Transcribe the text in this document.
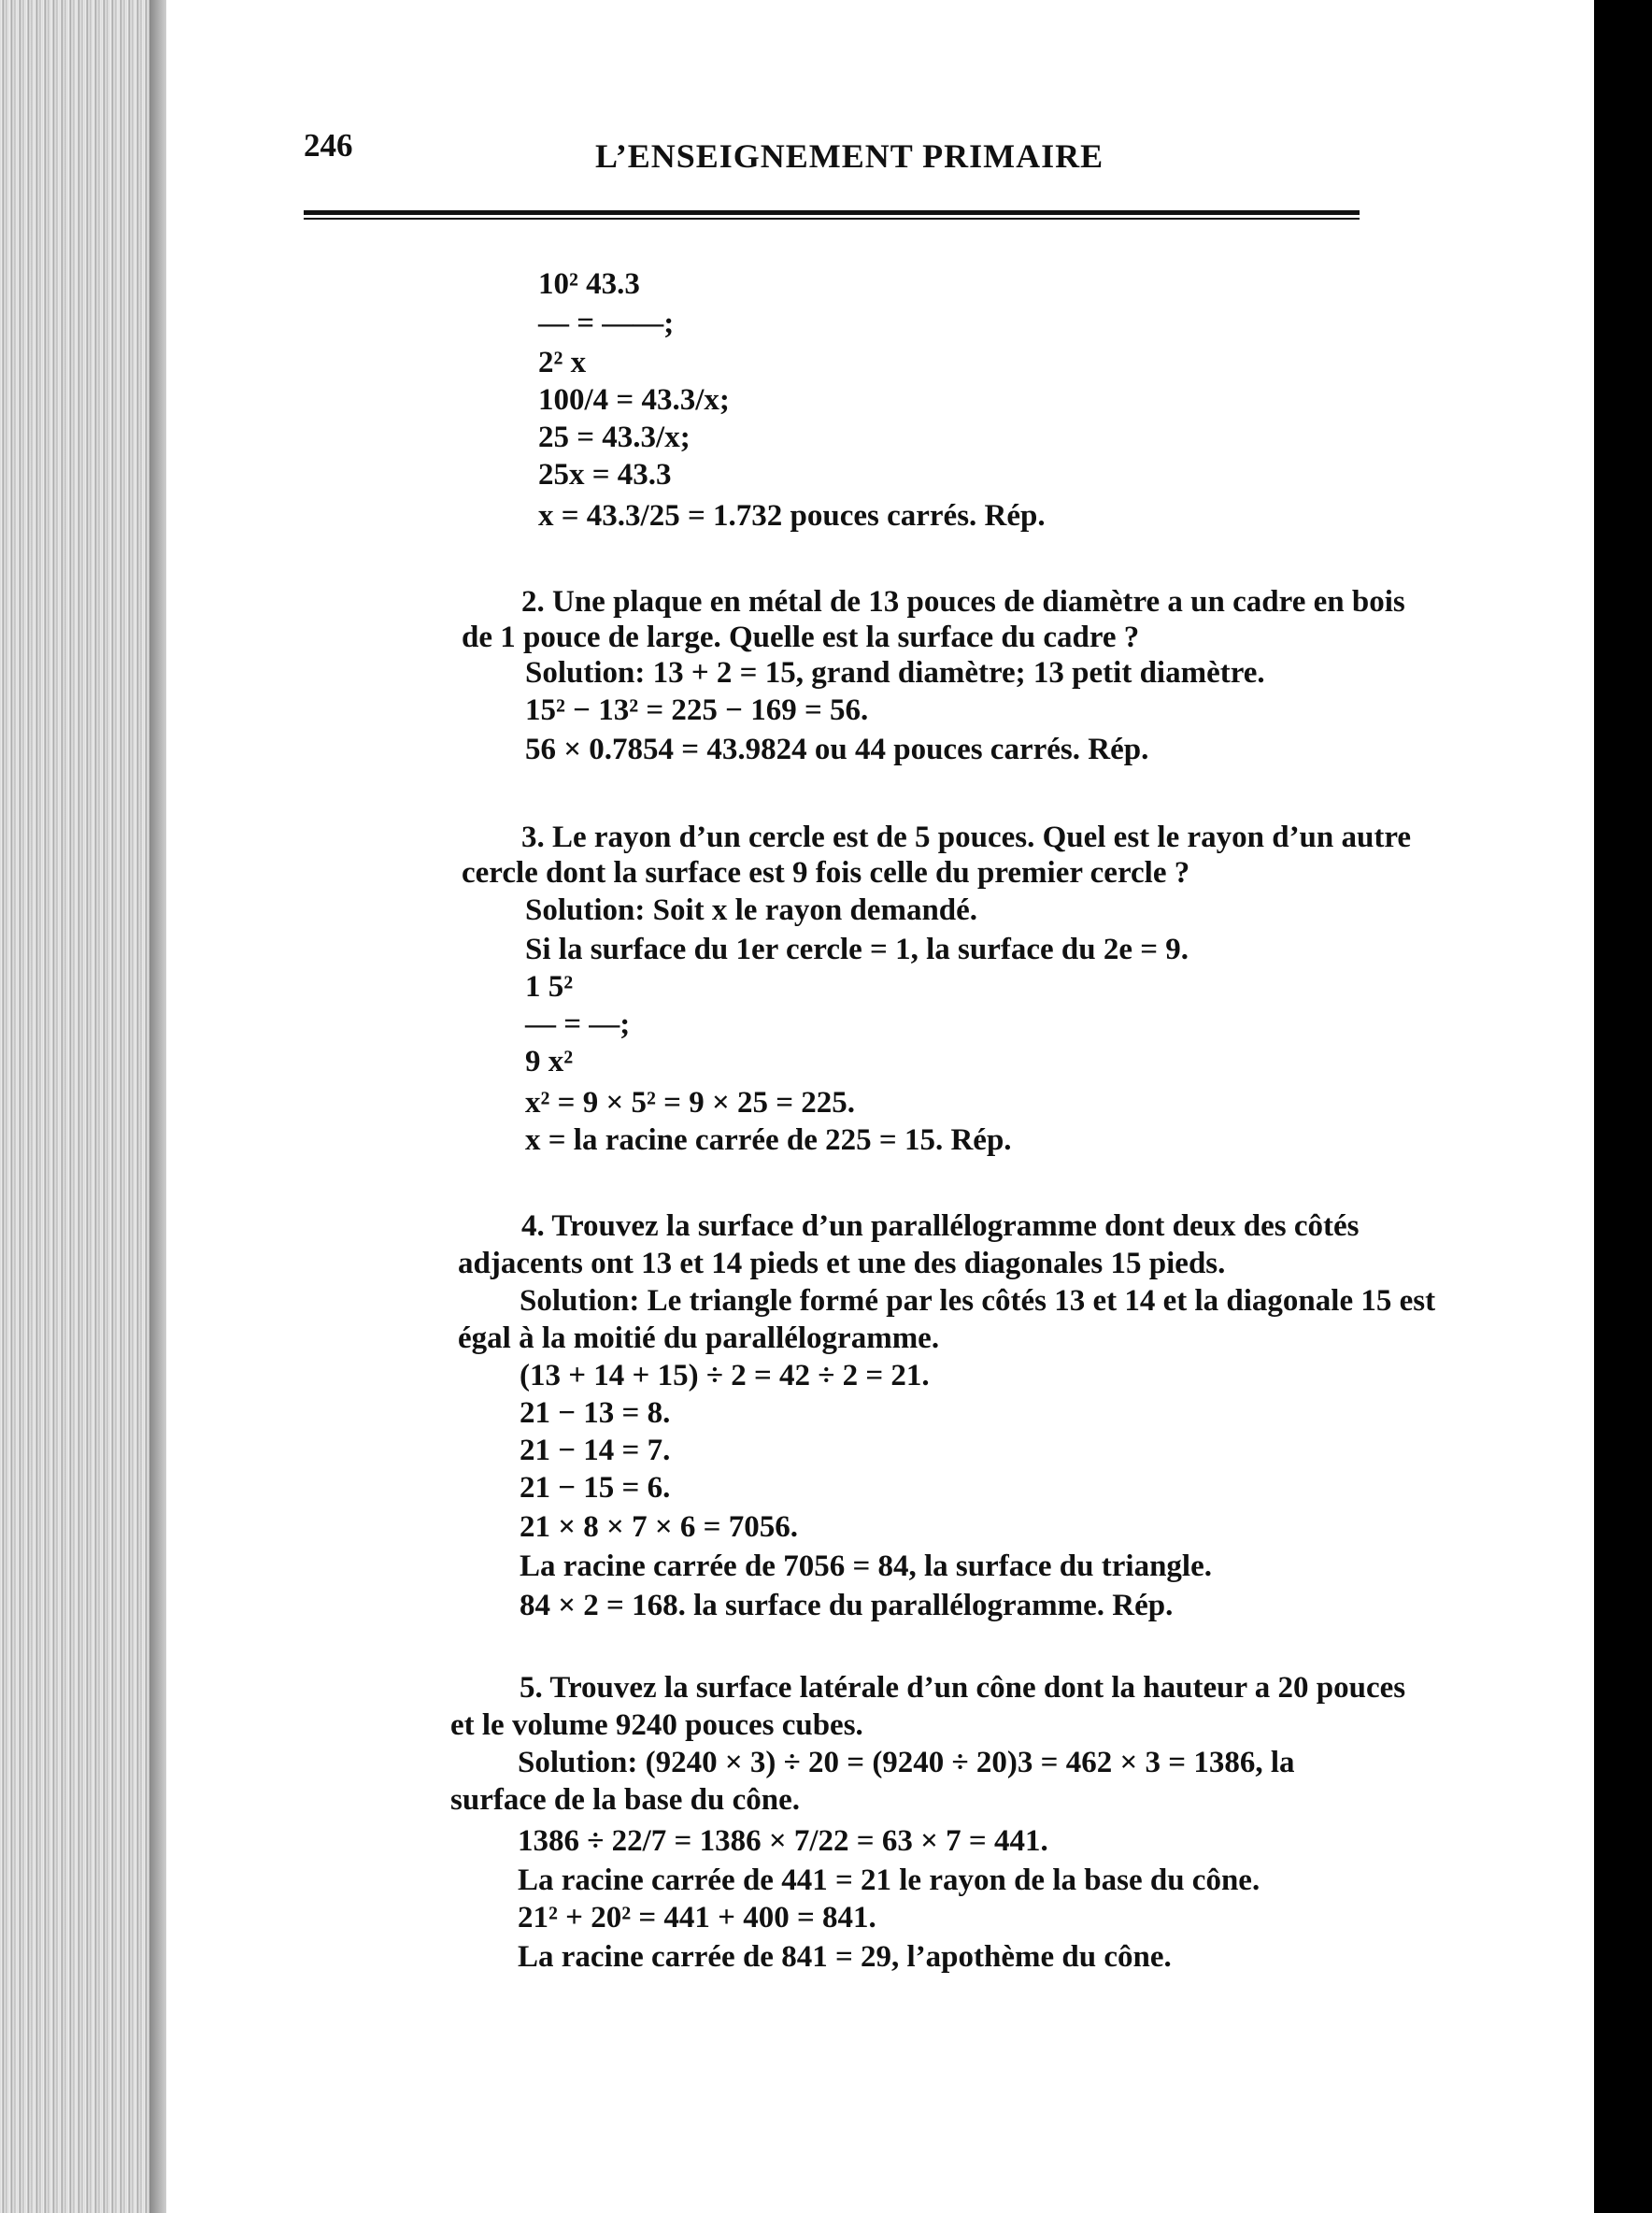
246	L’ENSEIGNEMENT PRIMAIRE
10² 43.3
— = ——;
2² x
100/4 = 43.3/x;
25 = 43.3/x;
25x = 43.3
x = 43.3/25 = 1.732 pouces carrés. Rép.
2. Une plaque en métal de 13 pouces de diamètre a un cadre en bois
de 1 pouce de large. Quelle est la surface du cadre ?
Solution: 13 + 2 = 15, grand diamètre; 13 petit diamètre.
15² − 13² = 225 − 169 = 56.
56 × 0.7854 = 43.9824 ou 44 pouces carrés. Rép.
3. Le rayon d’un cercle est de 5 pouces. Quel est le rayon d’un autre
cercle dont la surface est 9 fois celle du premier cercle ?
Solution: Soit x le rayon demandé.
Si la surface du 1er cercle = 1, la surface du 2e = 9.
1 5²
— = —;
9 x²
x² = 9 × 5² = 9 × 25 = 225.
x = la racine carrée de 225 = 15. Rép.
4. Trouvez la surface d’un parallélogramme dont deux des côtés
adjacents ont 13 et 14 pieds et une des diagonales 15 pieds.
Solution: Le triangle formé par les côtés 13 et 14 et la diagonale 15 est
égal à la moitié du parallélogramme.
(13 + 14 + 15) ÷ 2 = 42 ÷ 2 = 21.
21 − 13 = 8.
21 − 14 = 7.
21 − 15 = 6.
21 × 8 × 7 × 6 = 7056.
La racine carrée de 7056 = 84, la surface du triangle.
84 × 2 = 168. la surface du parallélogramme. Rép.
5. Trouvez la surface latérale d’un cône dont la hauteur a 20 pouces
et le volume 9240 pouces cubes.
Solution: (9240 × 3) ÷ 20 = (9240 ÷ 20)3 = 462 × 3 = 1386, la
surface de la base du cône.
1386 ÷ 22/7 = 1386 × 7/22 = 63 × 7 = 441.
La racine carrée de 441 = 21 le rayon de la base du cône.
21² + 20² = 441 + 400 = 841.
La racine carrée de 841 = 29, l’apothème du cône.
